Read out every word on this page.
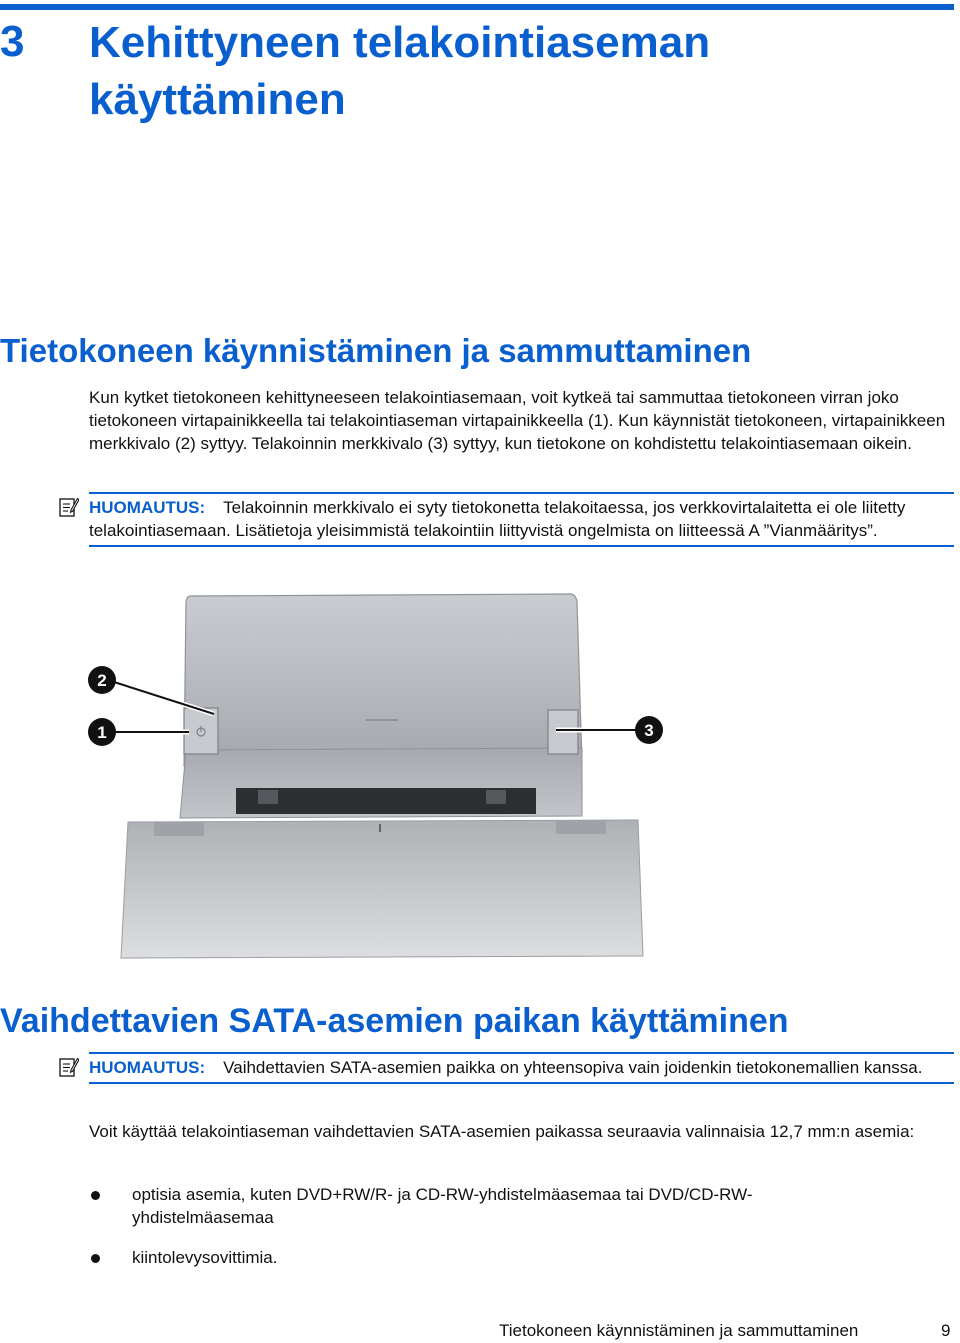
3 Kehittyneen telakointiaseman käyttäminen
Tietokoneen käynnistäminen ja sammuttaminen
Kun kytket tietokoneen kehittyneeseen telakointiasemaan, voit kytkeä tai sammuttaa tietokoneen virran joko tietokoneen virtapainikkeella tai telakointiaseman virtapainikkeella (1). Kun käynnistät tietokoneen, virtapainikkeen merkkivalo (2) syttyy. Telakoinnin merkkivalo (3) syttyy, kun tietokone on kohdistettu telakointiasemaan oikein.
HUOMAUTUS: Telakoinnin merkkivalo ei syty tietokonetta telakoitaessa, jos verkkovirtalaitetta ei ole liitetty telakointiasemaan. Lisätietoja yleisimmistä telakointiin liittyvistä ongelmista on liitteessä A ”Vianmääritys”.
2
1	3
Vaihdettavien SATA-asemien paikan käyttäminen
HUOMAUTUS: Vaihdettavien SATA-asemien paikka on yhteensopiva vain joidenkin tietokonemallien kanssa.
Voit käyttää telakointiaseman vaihdettavien SATA-asemien paikassa seuraavia valinnaisia 12,7 mm:n asemia:
optisia asemia, kuten DVD+RW/R- ja CD-RW-yhdistelmäasemaa tai DVD/CD-RW-yhdistelmäasemaa
kiintolevysovittimia.
Tietokoneen käynnistäminen ja sammuttaminen	9
